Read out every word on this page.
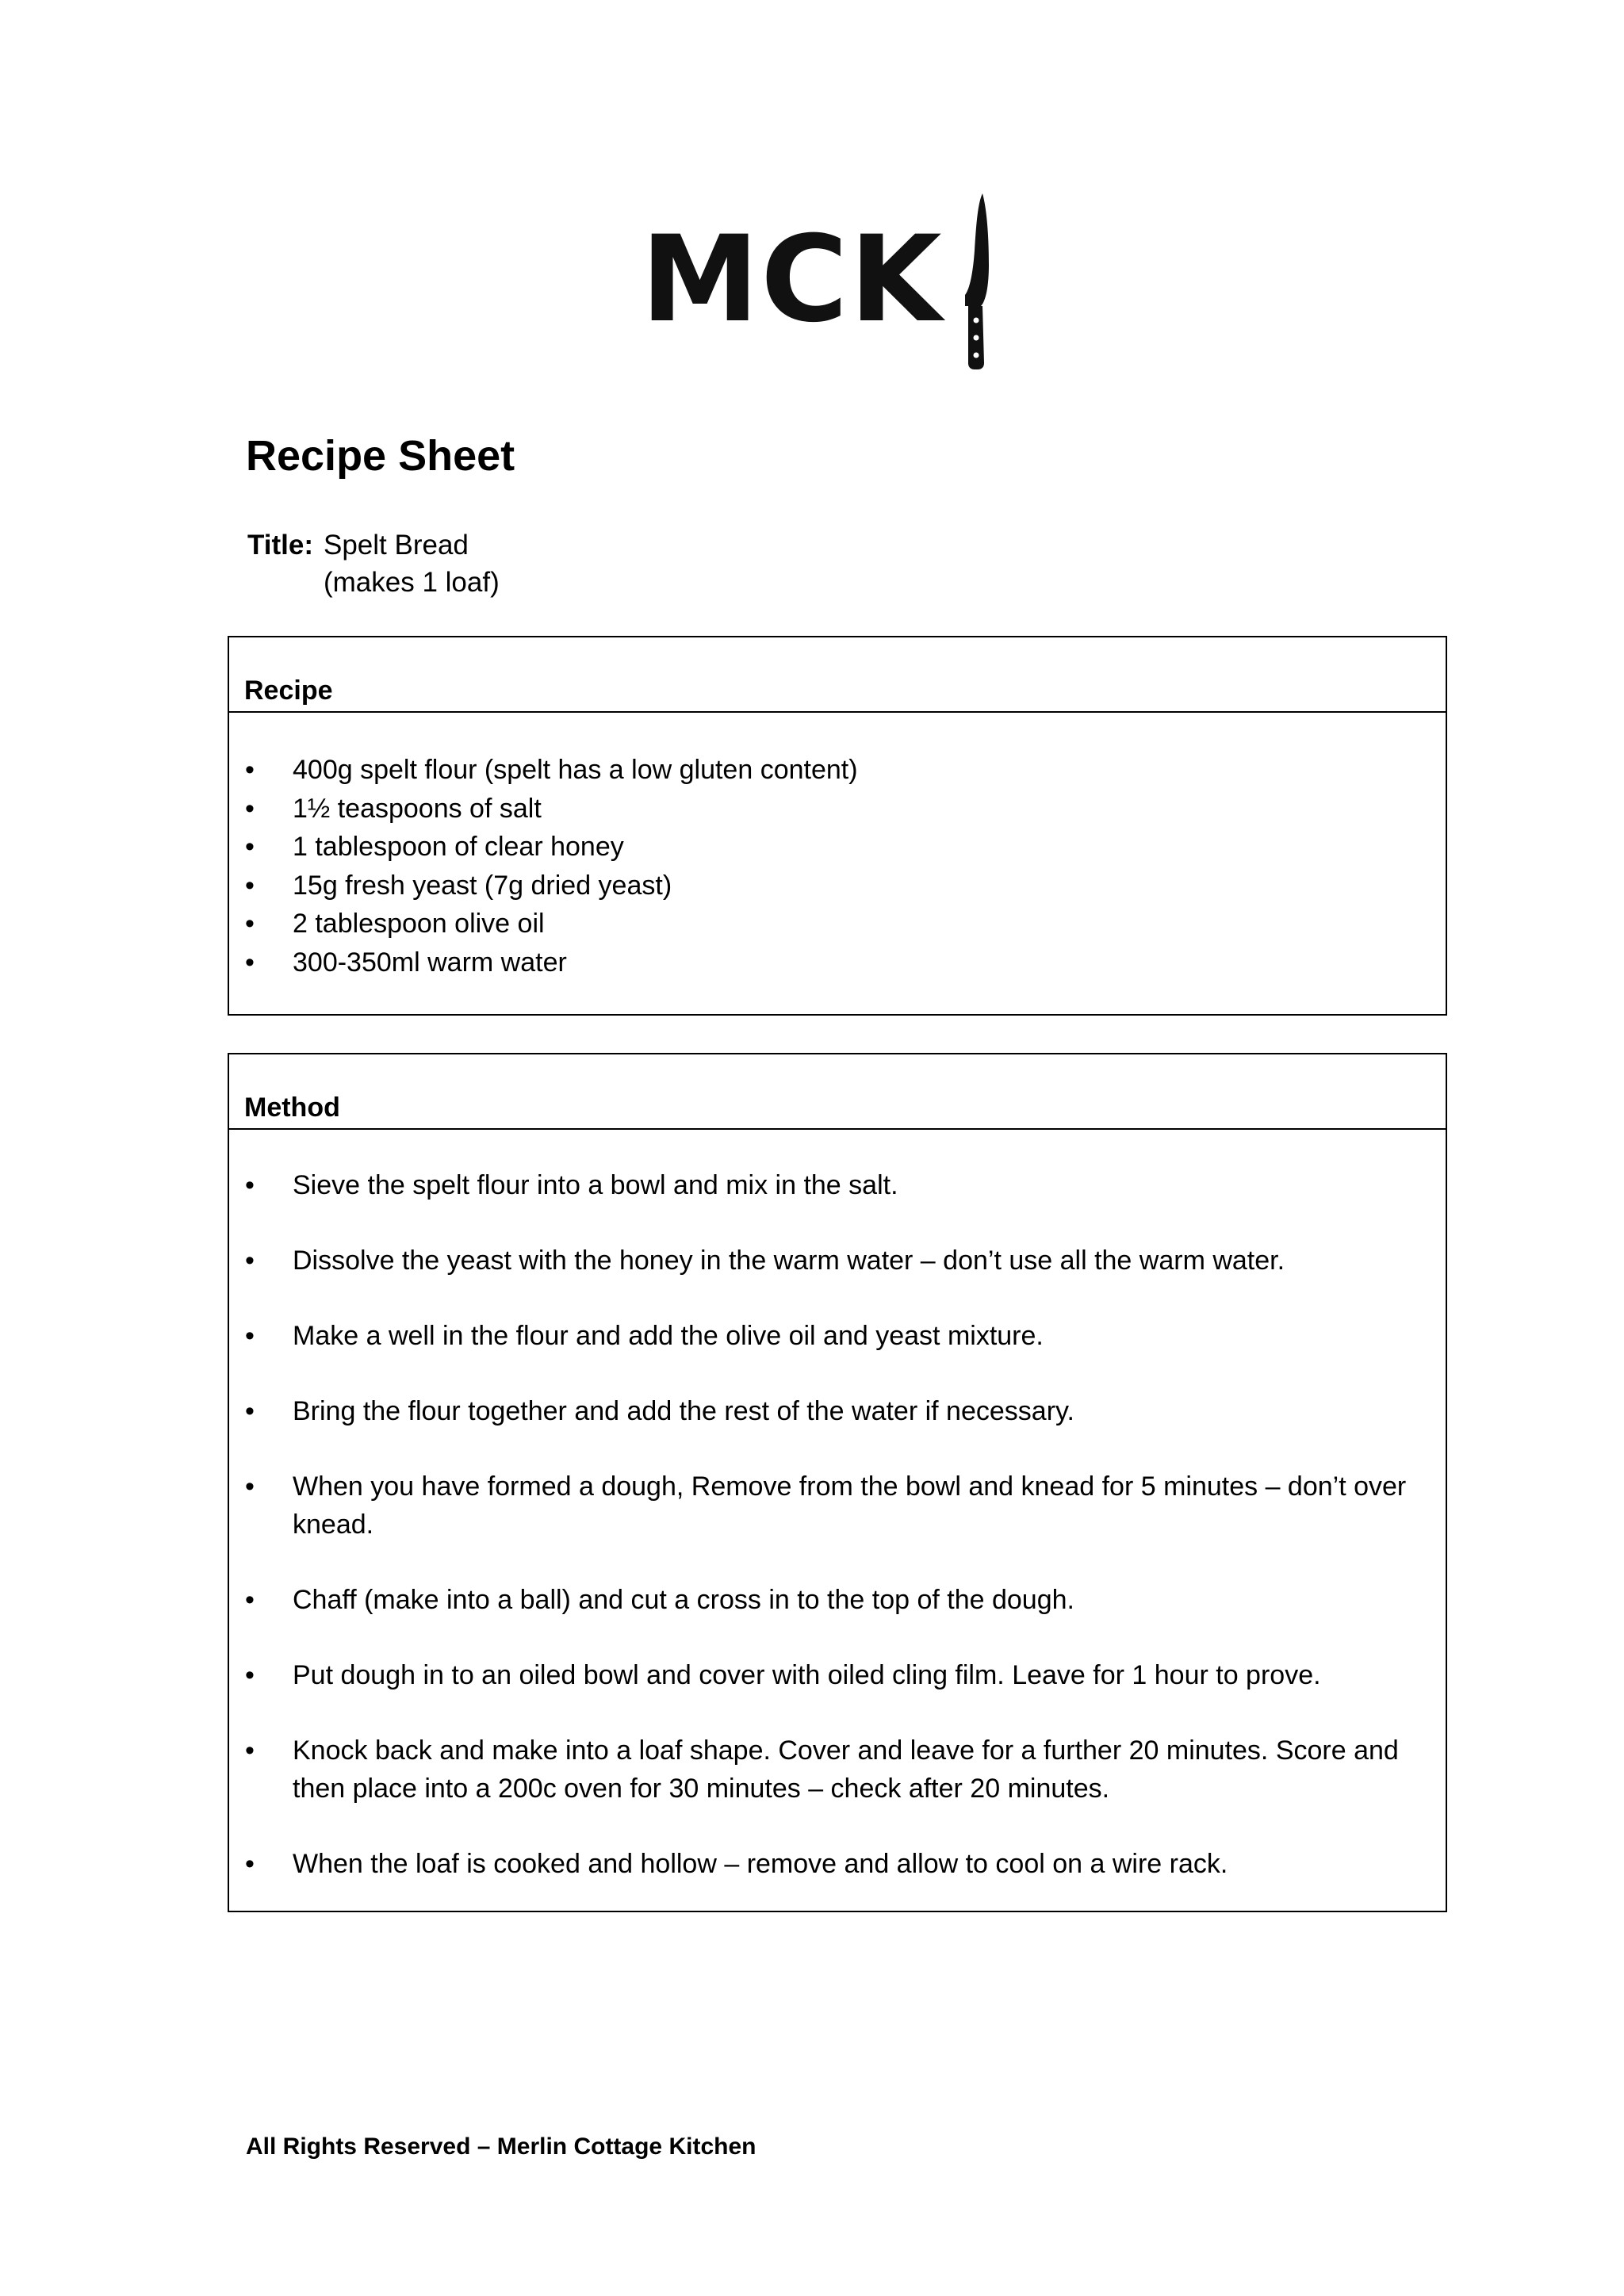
MCK
Recipe Sheet
Title: Spelt Bread
(makes 1 loaf)
Recipe
•	400g spelt flour (spelt has a low gluten content)
•	1½ teaspoons of salt
•	1 tablespoon of clear honey
•	15g fresh yeast (7g dried yeast)
•	2 tablespoon olive oil
•	300-350ml warm water
Method
•	Sieve the spelt flour into a bowl and mix in the salt.
•	Dissolve the yeast with the honey in the warm water – don’t use all the warm water.
•	Make a well in the flour and add the olive oil and yeast mixture.
•	Bring the flour together and add the rest of the water if necessary.
•	When you have formed a dough, Remove from the bowl and knead for 5 minutes – don’t over knead.
•	Chaff (make into a ball) and cut a cross in to the top of the dough.
•	Put dough in to an oiled bowl and cover with oiled cling film. Leave for 1 hour to prove.
•	Knock back and make into a loaf shape. Cover and leave for a further 20 minutes. Score and then place into a 200c oven for 30 minutes – check after 20 minutes.
•	When the loaf is cooked and hollow – remove and allow to cool on a wire rack.
All Rights Reserved – Merlin Cottage Kitchen
